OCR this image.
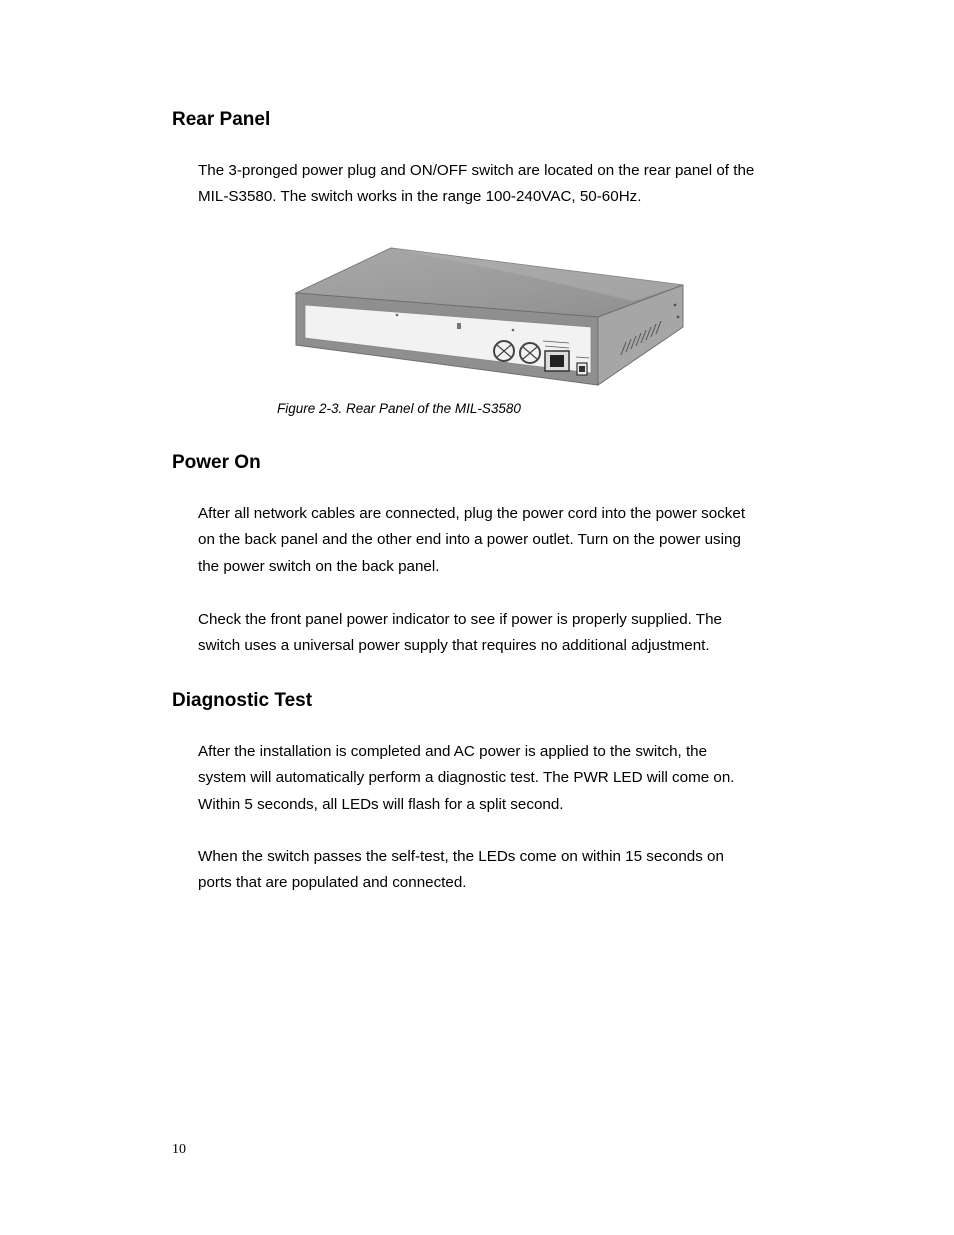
Rear Panel

The 3-pronged power plug and ON/OFF switch are located on the rear panel of the
MIL-S3580. The switch works in the range 100-240VAC, 50-60Hz.

Figure 2-3. Rear Panel of the MIL-S3580

Power On

After all network cables are connected, plug the power cord into the power socket
on the back panel and the other end into a power outlet. Turn on the power using
the power switch on the back panel.

Check the front panel power indicator to see if power is properly supplied. The
switch uses a universal power supply that requires no additional adjustment.

Diagnostic Test

After the installation is completed and AC power is applied to the switch, the
system will automatically perform a diagnostic test. The PWR LED will come on.
Within 5 seconds, all LEDs will flash for a split second.

When the switch passes the self-test, the LEDs come on within 15 seconds on
ports that are populated and connected.

10
